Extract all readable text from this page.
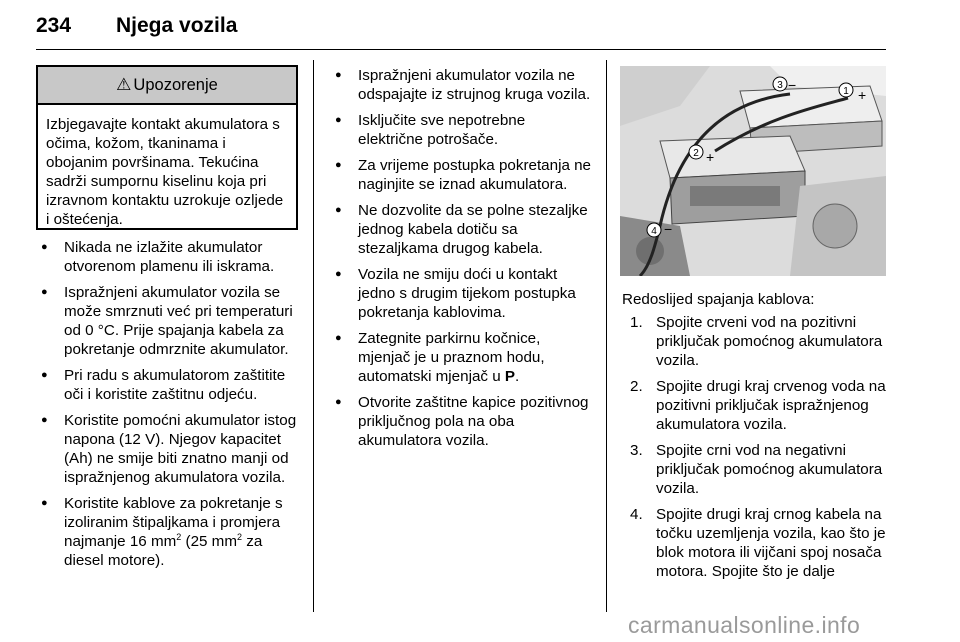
234 Njega vozila
⚠ Upozorenje
Izbjegavajte kontakt akumulatora s očima, kožom, tkaninama i obojanim površinama. Tekućina sadrži sumpornu kiselinu koja pri izravnom kontaktu uzrokuje ozljede i oštećenja.
● Nikada ne izlažite akumulator otvorenom plamenu ili iskrama.
● Ispražnjeni akumulator vozila se može smrznuti već pri temperaturi od 0 °C. Prije spajanja kabela za pokretanje odmrznite akumulator.
● Pri radu s akumulatorom zaštitite oči i koristite zaštitnu odjeću.
● Koristite pomoćni akumulator istog napona (12 V). Njegov kapacitet (Ah) ne smije biti znatno manji od ispražnjenog akumulatora vozila.
● Koristite kablove za pokretanje s izoliranim štipaljkama i promjera najmanje 16 $mm^2$ (25 $mm^2$ za diesel motore).
● Ispražnjeni akumulator vozila ne odspajajte iz strujnog kruga vozila.
● Isključite sve nepotrebne električne potrošače.
● Za vrijeme postupka pokretanja ne naginjite se iznad akumulatora.
● Ne dozvolite da se polne stezaljke jednog kabela dotiču sa stezaljkama drugog kabela.
● Vozila ne smiju doći u kontakt jedno s drugim tijekom postupka pokretanja kablovima.
● Zategnite parkirnu kočnice, mjenjač je u praznom hodu, automatski mjenjač u P.
● Otvorite zaštitne kapice pozitivnog priključnog pola na oba akumulatora vozila.
1 +
2 +
3 −
4 −
Redoslijed spajanja kablova:
1. Spojite crveni vod na pozitivni priključak pomoćnog akumulatora vozila.
2. Spojite drugi kraj crvenog voda na pozitivni priključak ispražnjenog akumulatora vozila.
3. Spojite crni vod na negativni priključak pomoćnog akumulatora vozila.
4. Spojite drugi kraj crnog kabela na točku uzemljenja vozila, kao što je blok motora ili vijčani spoj nosača motora. Spojite što je dalje
carmanualsonline.info
